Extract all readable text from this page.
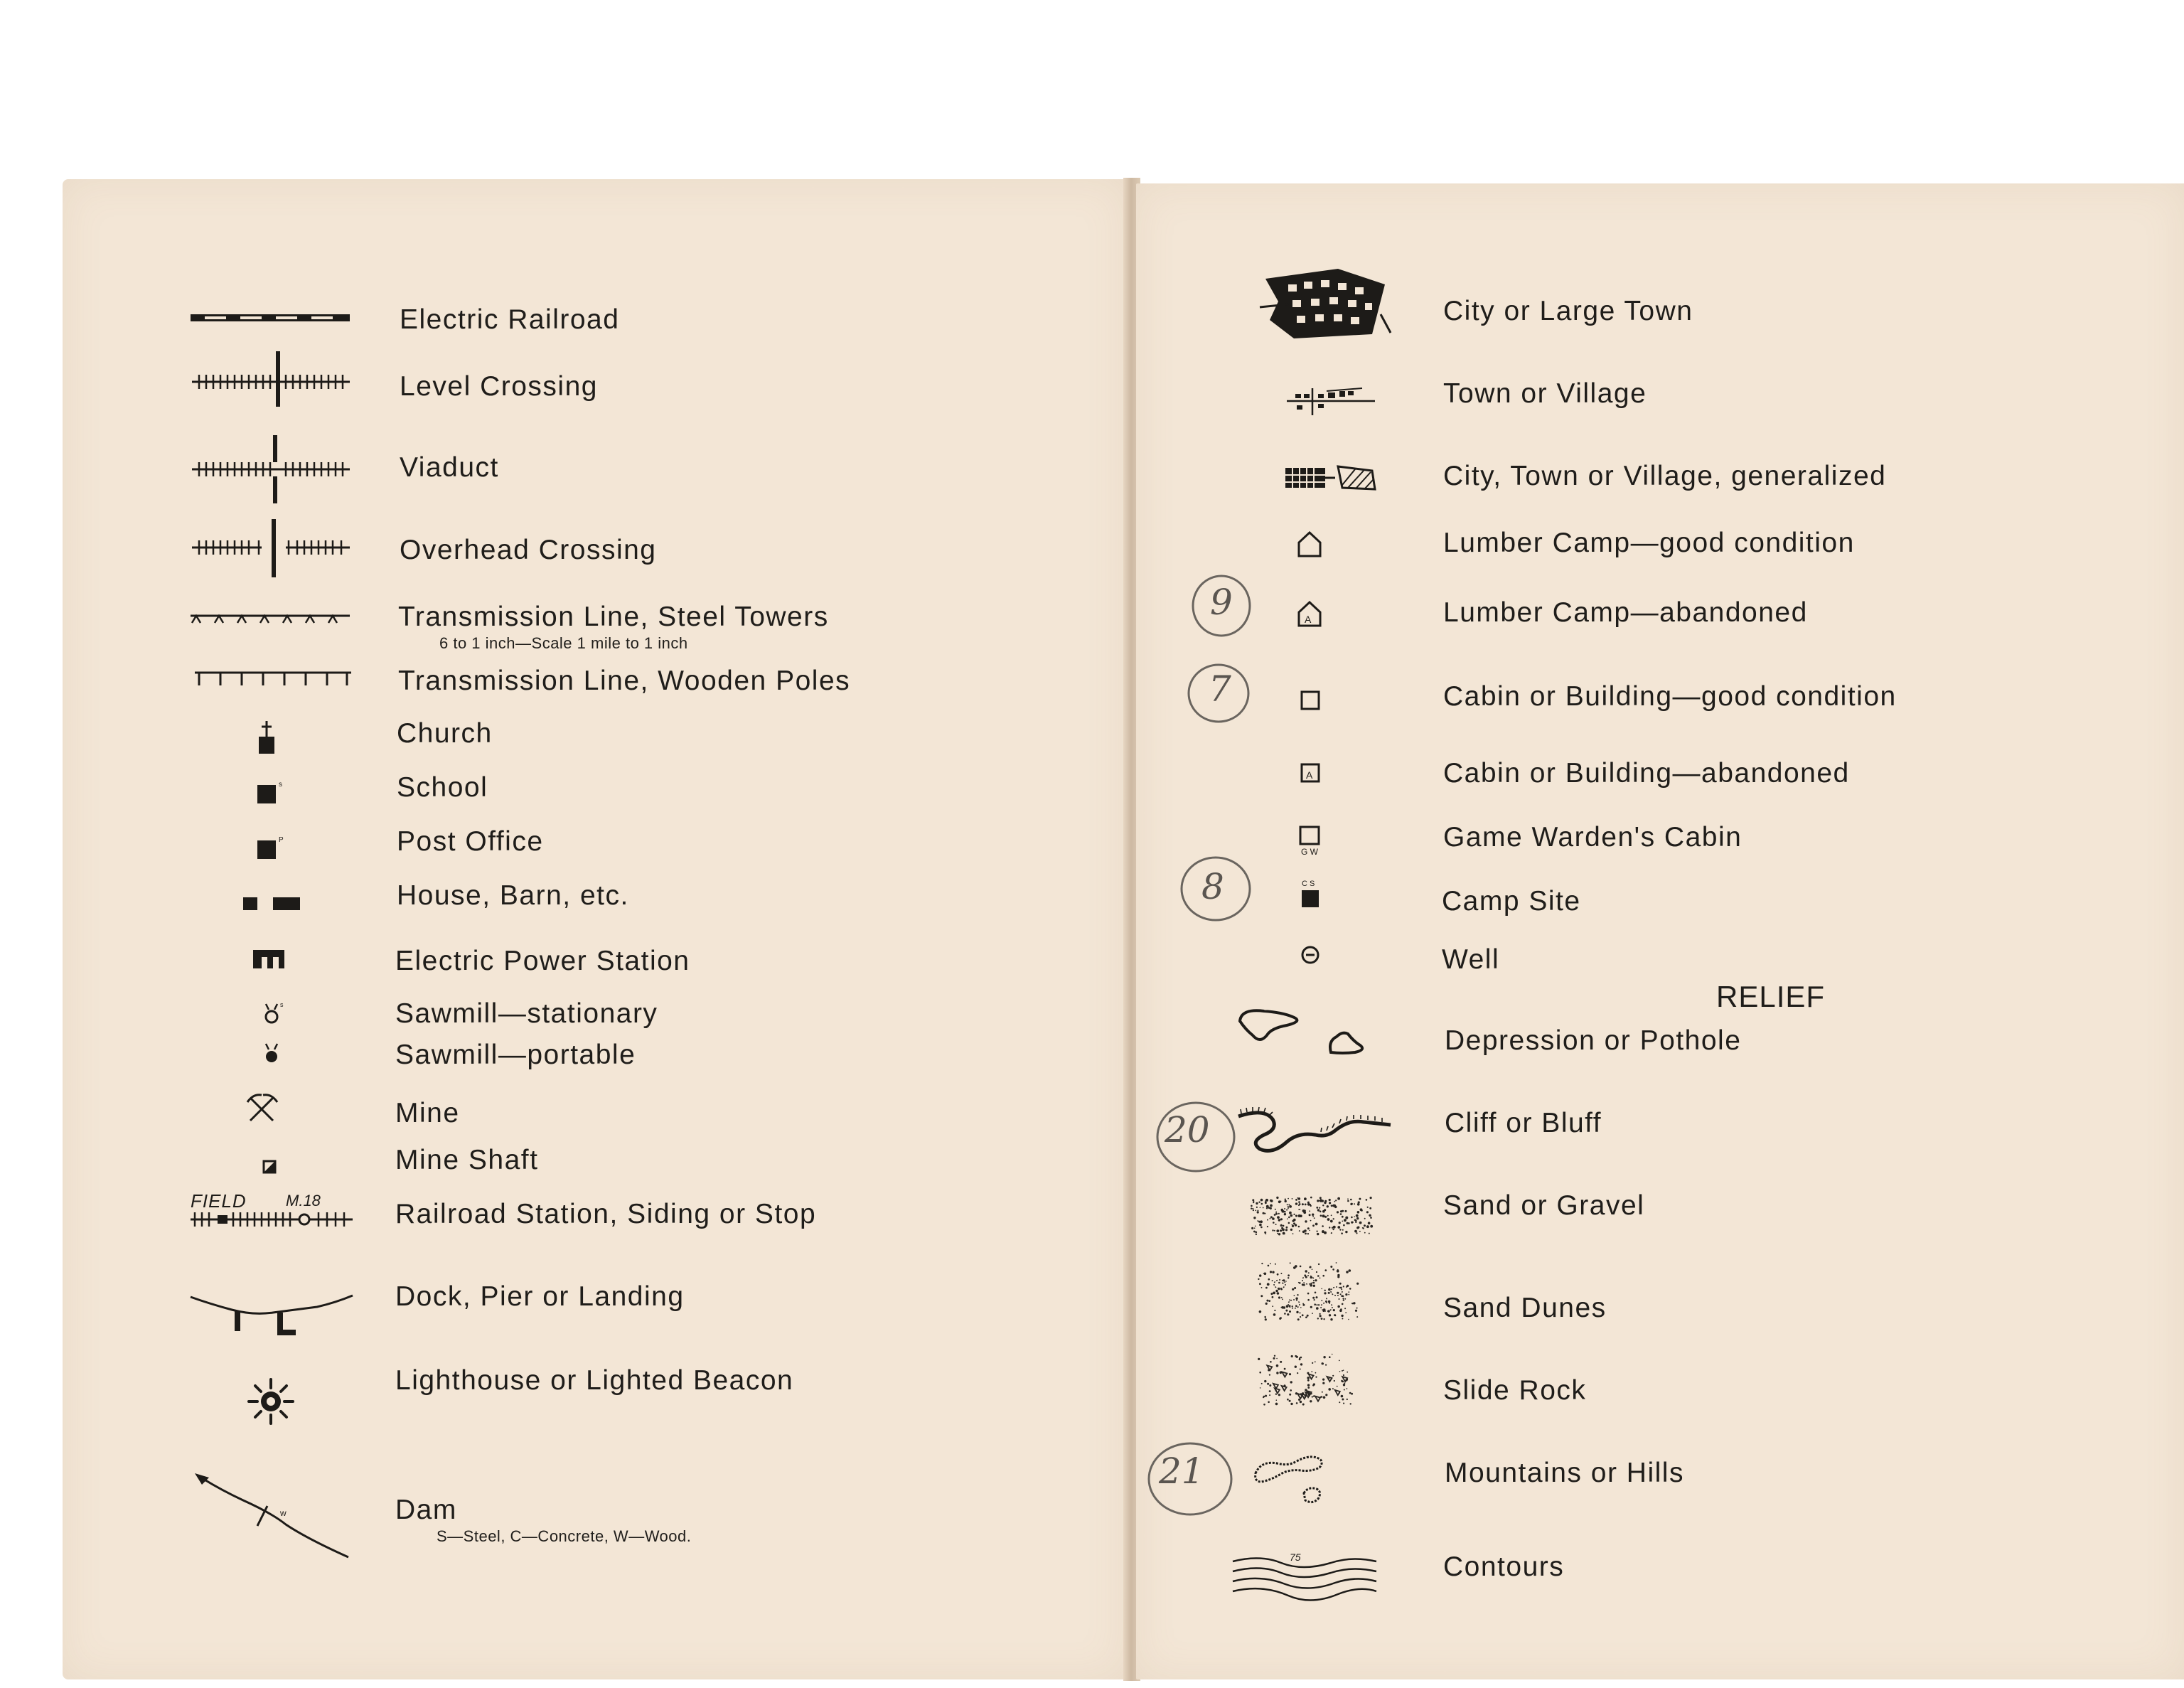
Electric Railroad
Level Crossing
Viaduct
Overhead Crossing
Transmission Line, Steel Towers
6 to 1 inch—Scale 1 mile to 1 inch
Transmission Line, Wooden Poles
Church
s	School
P	Post Office
House, Barn, etc.
Electric Power Station
s	Sawmill—stationary
Sawmill—portable
Mine
Mine Shaft
FIELD	M.18	Railroad Station, Siding or Stop
Dock, Pier or Landing
Lighthouse or Lighted Beacon
w	Dam
S—Steel, C—Concrete, W—Wood.
City or Large Town
Town or Village
City, Town or Village, generalized
Lumber Camp—good condition
A	Lumber Camp—abandoned
Cabin or Building—good condition
A	Cabin or Building—abandoned
G W	Game Warden's Cabin
C S
Camp Site
Well
RELIEF
Depression or Pothole
Cliff or Bluff
Sand or Gravel
Sand Dunes
Slide Rock
Mountains or Hills
75	Contours
9
7
8
20
21
